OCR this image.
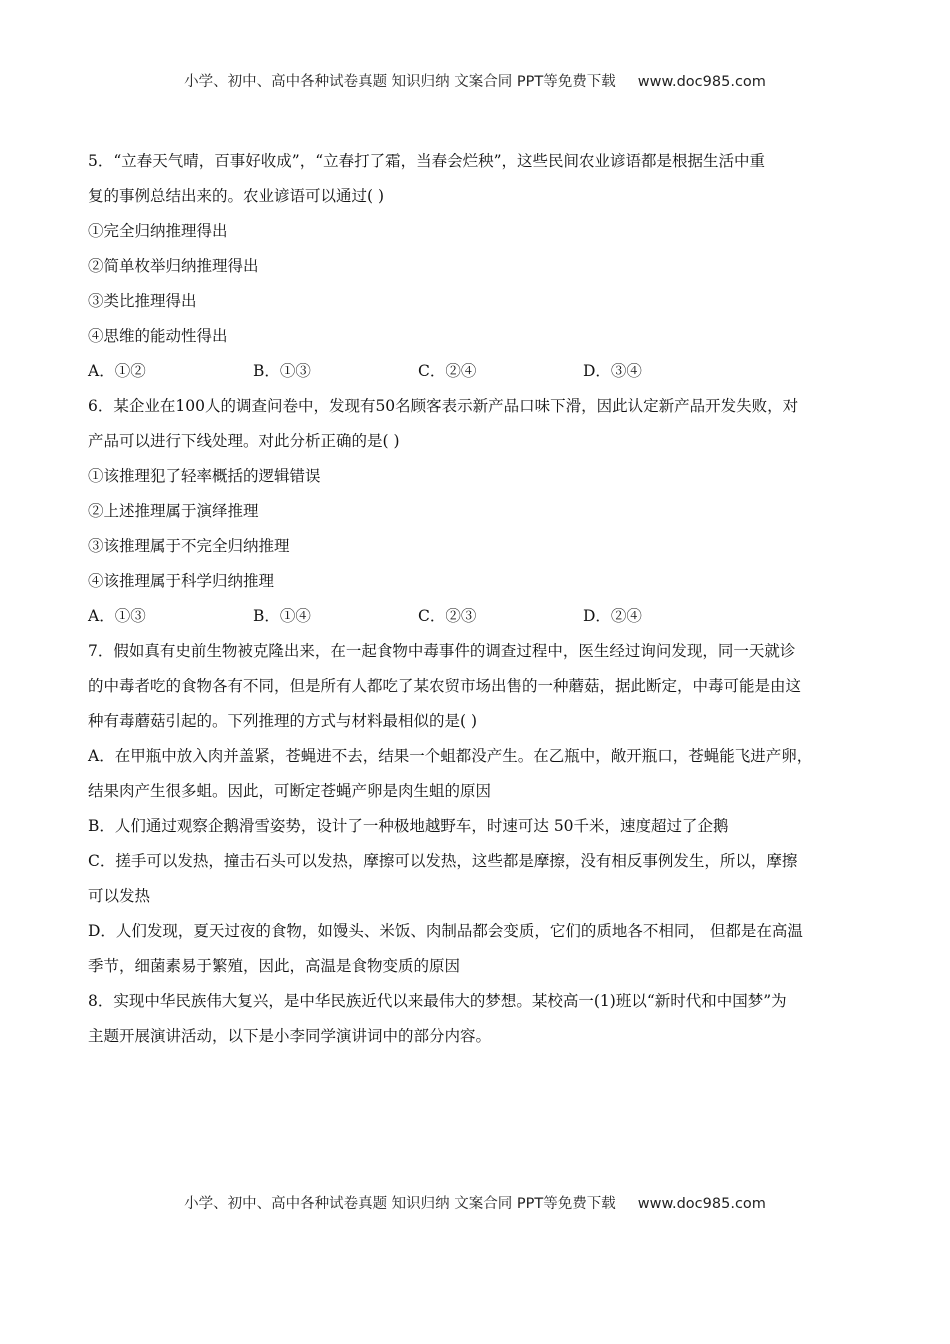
小学、初中、高中各种试卷真题 知识归纳 文案合同 PPT等免费下载 www.doc985.com
5．“立春天气晴，百事好收成”，“立春打了霜，当春会烂秧”，这些民间农业谚语都是根据生活中重
复的事例总结出来的。农业谚语可以通过( )
①完全归纳推理得出
②简单枚举归纳推理得出
③类比推理得出
④思维的能动性得出
A．①②	B．①③	C．②④	D．③④
6．某企业在100人的调查问卷中，发现有50名顾客表示新产品口味下滑，因此认定新产品开发失败，对
产品可以进行下线处理。对此分析正确的是( )
①该推理犯了轻率概括的逻辑错误
②上述推理属于演绎推理
③该推理属于不完全归纳推理
④该推理属于科学归纳推理
A．①③	B．①④	C．②③	D．②④
7．假如真有史前生物被克隆出来，在一起食物中毒事件的调查过程中，医生经过询问发现，同一天就诊
的中毒者吃的食物各有不同，但是所有人都吃了某农贸市场出售的一种蘑菇，据此断定，中毒可能是由这
种有毒蘑菇引起的。下列推理的方式与材料最相似的是( )
A．在甲瓶中放入肉并盖紧，苍蝇进不去，结果一个蛆都没产生。在乙瓶中，敞开瓶口，苍蝇能飞进产卵，
结果肉产生很多蛆。因此，可断定苍蝇产卵是肉生蛆的原因
B．人们通过观察企鹅滑雪姿势，设计了一种极地越野车，时速可达 50千米，速度超过了企鹅
C．搓手可以发热，撞击石头可以发热，摩擦可以发热，这些都是摩擦，没有相反事例发生，所以，摩擦
可以发热
D．人们发现，夏天过夜的食物，如馒头、米饭、肉制品都会变质，它们的质地各不相同， 但都是在高温
季节，细菌素易于繁殖，因此，高温是食物变质的原因
8．实现中华民族伟大复兴，是中华民族近代以来最伟大的梦想。某校高一(1)班以“新时代和中国梦”为
主题开展演讲活动，以下是小李同学演讲词中的部分内容。
小学、初中、高中各种试卷真题 知识归纳 文案合同 PPT等免费下载 www.doc985.com
